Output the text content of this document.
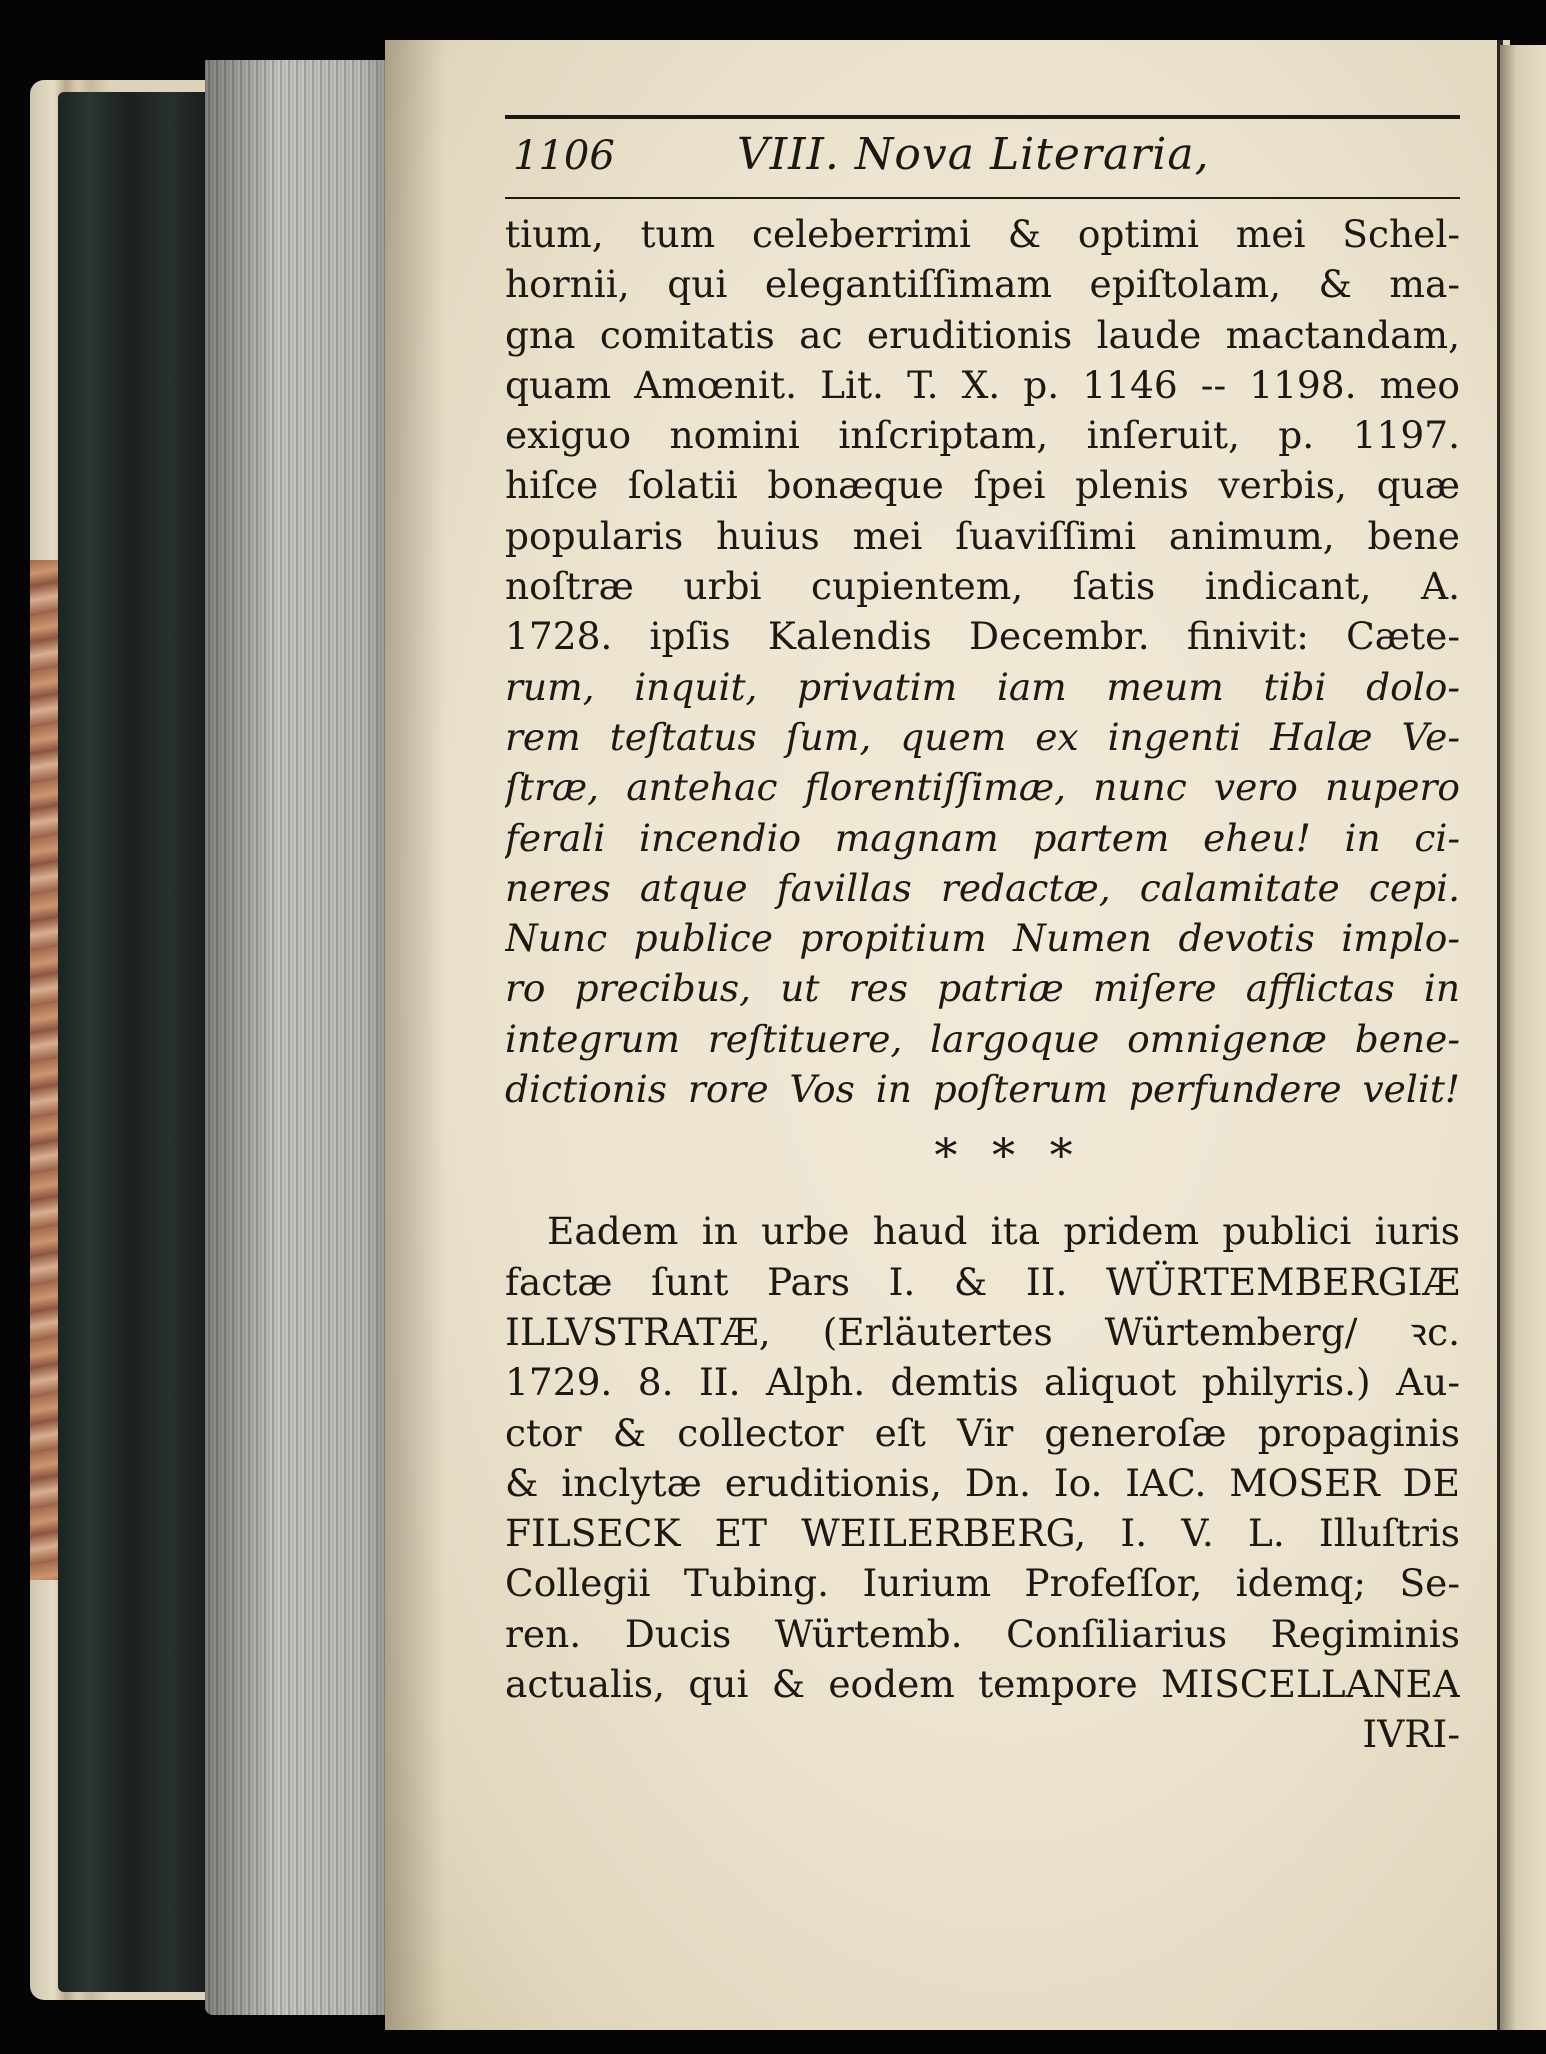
1106	VIII. Nova Literaria,
tium, tum celeberrimi & optimi mei Schel-
hornii, qui elegantiſſimam epiſtolam, & ma-
gna comitatis ac eruditionis laude mactandam,
quam Amœnit. Lit. T. X. p. 1146 -- 1198. meo
exiguo nomini inſcriptam, inſeruit, p. 1197.
hiſce ſolatii bonæque ſpei plenis verbis, quæ
popularis huius mei ſuaviſſimi animum, bene
noſtræ urbi cupientem, ſatis indicant, A.
1728. ipſis Kalendis Decembr. finivit: Cæte-
rum, inquit, privatim iam meum tibi dolo-
rem teſtatus ſum, quem ex ingenti Halæ Ve-
ſtræ, antehac florentiſſimæ, nunc vero nupero
ferali incendio magnam partem eheu! in ci-
neres atque favillas redactæ, calamitate cepi.
Nunc publice propitium Numen devotis implo-
ro precibus, ut res patriæ miſere afflictas in
integrum reſtituere, largoque omnigenæ bene-
dictionis rore Vos in poſterum perfundere velit!
* * *
Eadem in urbe haud ita pridem publici iuris
factæ ſunt Pars I. & II. WÜRTEMBERGIÆ
ILLVSTRATÆ, (Erläutertes Würtemberg/ ꝛc.
1729. 8. II. Alph. demtis aliquot philyris.) Au-
ctor & collector eſt Vir generoſæ propaginis
& inclytæ eruditionis, Dn. Io. IAC. MOSER DE
FILSECK ET WEILERBERG, I. V. L. Illuſtris
Collegii Tubing. Iurium Profeſſor, idemq; Se-
ren. Ducis Würtemb. Conſiliarius Regiminis
actualis, qui & eodem tempore MISCELLANEA
IVRI-
